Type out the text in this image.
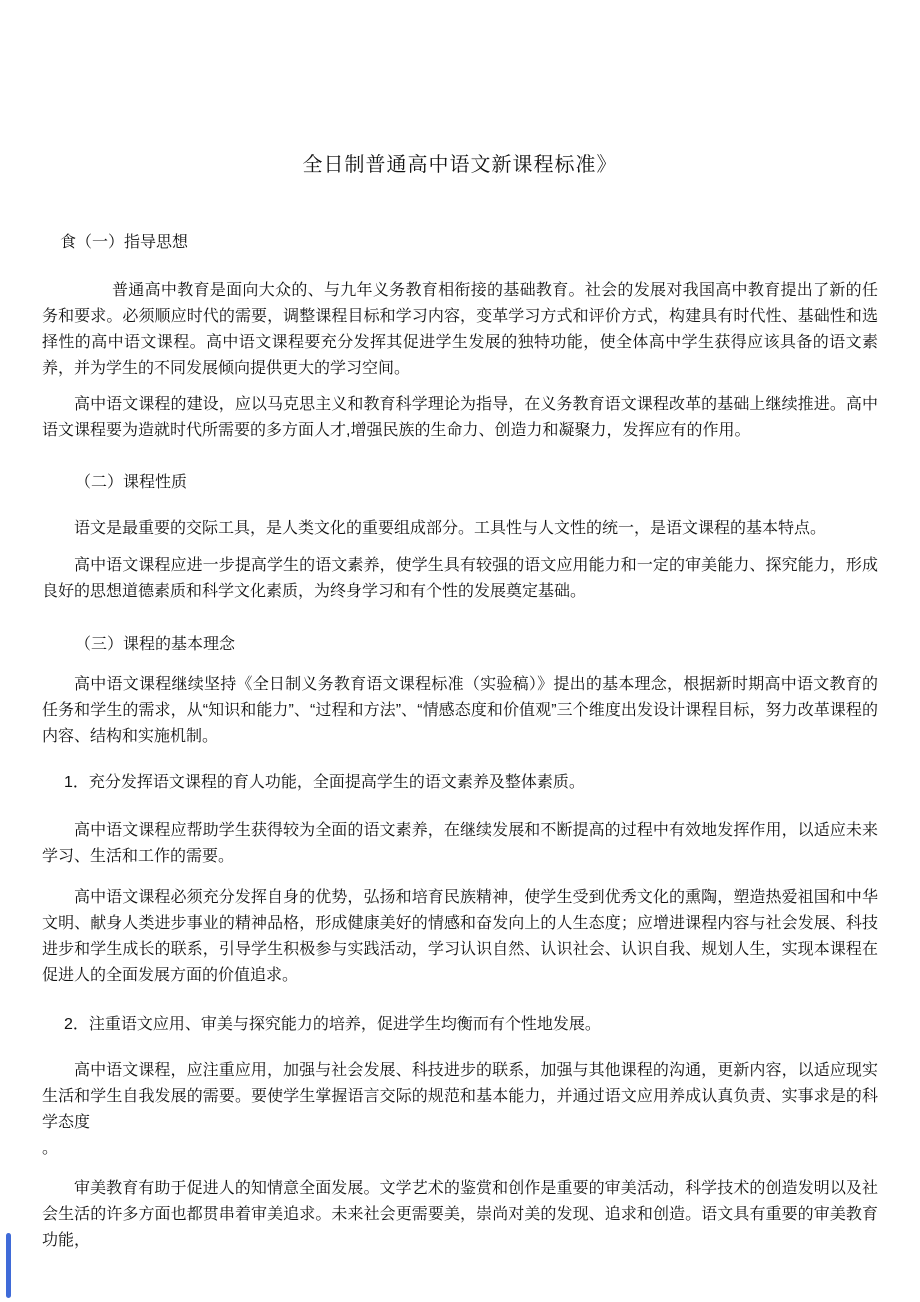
全日制普通高中语文新课程标准》
食（一）指导思想
普通高中教育是面向大众的、与九年义务教育相衔接的基础教育。社会的发展对我国高中教育提出了新的任务和要求。必须顺应时代的需要，调整课程目标和学习内容，变革学习方式和评价方式，构建具有时代性、基础性和选择性的高中语文课程。高中语文课程要充分发挥其促进学生发展的独特功能，使全体高中学生获得应该具备的语文素养，并为学生的不同发展倾向提供更大的学习空间。
高中语文课程的建设，应以马克思主义和教育科学理论为指导，在义务教育语文课程改革的基础上继续推进。高中语文课程要为造就时代所需要的多方面人才,增强民族的生命力、创造力和凝聚力，发挥应有的作用。
（二）课程性质
语文是最重要的交际工具，是人类文化的重要组成部分。工具性与人文性的统一，是语文课程的基本特点。
高中语文课程应进一步提高学生的语文素养，使学生具有较强的语文应用能力和一定的审美能力、探究能力，形成良好的思想道德素质和科学文化素质，为终身学习和有个性的发展奠定基础。
（三）课程的基本理念
高中语文课程继续坚持《全日制义务教育语文课程标准（实验稿）》提出的基本理念，根据新时期高中语文教育的任务和学生的需求，从“知识和能力”、“过程和方法”、“情感态度和价值观”三个维度出发设计课程目标，努力改革课程的内容、结构和实施机制。
1．充分发挥语文课程的育人功能，全面提高学生的语文素养及整体素质。
高中语文课程应帮助学生获得较为全面的语文素养，在继续发展和不断提高的过程中有效地发挥作用，以适应未来学习、生活和工作的需要。
高中语文课程必须充分发挥自身的优势，弘扬和培育民族精神，使学生受到优秀文化的熏陶，塑造热爱祖国和中华文明、献身人类进步事业的精神品格，形成健康美好的情感和奋发向上的人生态度；应增进课程内容与社会发展、科技进步和学生成长的联系，引导学生积极参与实践活动，学习认识自然、认识社会、认识自我、规划人生，实现本课程在促进人的全面发展方面的价值追求。
2．注重语文应用、审美与探究能力的培养，促进学生均衡而有个性地发展。
高中语文课程，应注重应用，加强与社会发展、科技进步的联系，加强与其他课程的沟通，更新内容，以适应现实生活和学生自我发展的需要。要使学生掌握语言交际的规范和基本能力，并通过语文应用养成认真负责、实事求是的科学态度
。
审美教育有助于促进人的知情意全面发展。文学艺术的鉴赏和创作是重要的审美活动，科学技术的创造发明以及社会生活的许多方面也都贯串着审美追求。未来社会更需要美，崇尚对美的发现、追求和创造。语文具有重要的审美教育功能，
